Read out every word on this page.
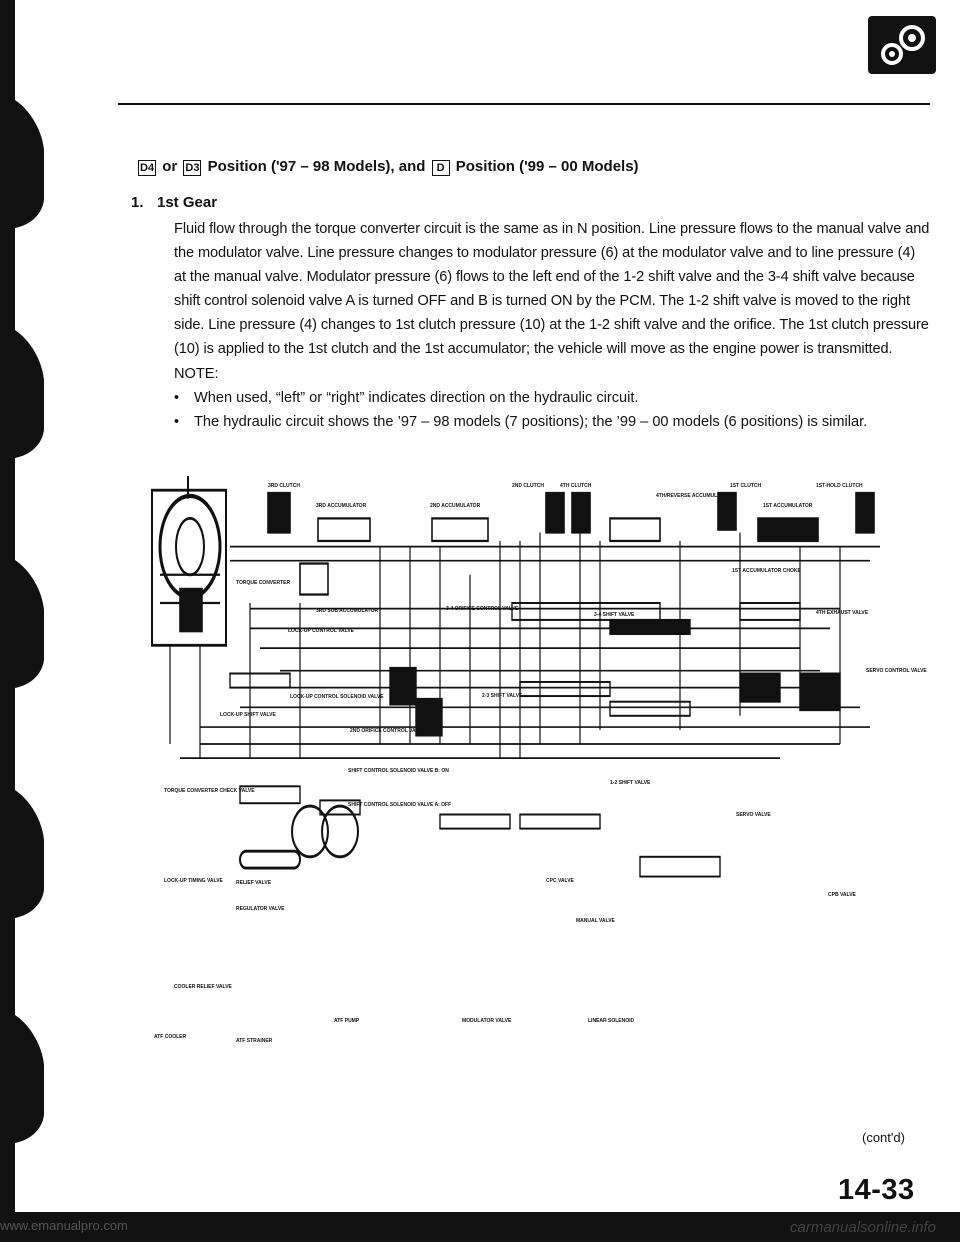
D4 or D3 Position ('97 – 98 Models), and D Position ('99 – 00 Models)
1. 1st Gear
Fluid flow through the torque converter circuit is the same as in N position. Line pressure flows to the manual valve and the modulator valve. Line pressure changes to modulator pressure (6) at the modulator valve and to line pressure (4) at the manual valve. Modulator pressure (6) flows to the left end of the 1-2 shift valve and the 3-4 shift valve because shift control solenoid valve A is turned OFF and B is turned ON by the PCM. The 1-2 shift valve is moved to the right side. Line pressure (4) changes to 1st clutch pressure (10) at the 1-2 shift valve and the orifice. The 1st clutch pressure (10) is applied to the 1st clutch and the 1st accumulator; the vehicle will move as the engine power is transmitted.
NOTE:
• When used, “left” or “right” indicates direction on the hydraulic circuit.
• The hydraulic circuit shows the ’97 – 98 models (7 positions); the ’99 – 00 models (6 positions) is similar.
3RD CLUTCH	2ND CLUTCH	4TH CLUTCH	1ST CLUTCH	1ST-HOLD CLUTCH
3RD ACCUMULATOR	2ND ACCUMULATOR
4TH/REVERSE ACCUMULATOR
1ST ACCUMULATOR
1ST ACCUMULATOR CHOKE
TORQUE CONVERTER
3RD SUB ACCUMULATOR
LOCK-UP CONTROL VALVE
3-4 ORIFICE CONTROL VALVE
3-4 SHIFT VALVE	4TH EXHAUST VALVE
LOCK-UP SHIFT VALVE
LOCK-UP CONTROL SOLENOID VALVE
2ND ORIFICE CONTROL VALVE
2-3 SHIFT VALVE
SERVO CONTROL VALVE
SHIFT CONTROL SOLENOID VALVE B: ON
SHIFT CONTROL SOLENOID VALVE A: OFF
1-2 SHIFT VALVE
SERVO VALVE
TORQUE CONVERTER CHECK VALVE
LOCK-UP TIMING VALVE	RELIEF VALVE	CPC VALVE
CPB VALVE
REGULATOR VALVE
MANUAL VALVE
COOLER RELIEF VALVE
ATF COOLER
ATF STRAINER
ATF PUMP	MODULATOR VALVE	LINEAR SOLENOID
(cont'd)
14-33
www.emanualpro.com	carmanualsonline.info
